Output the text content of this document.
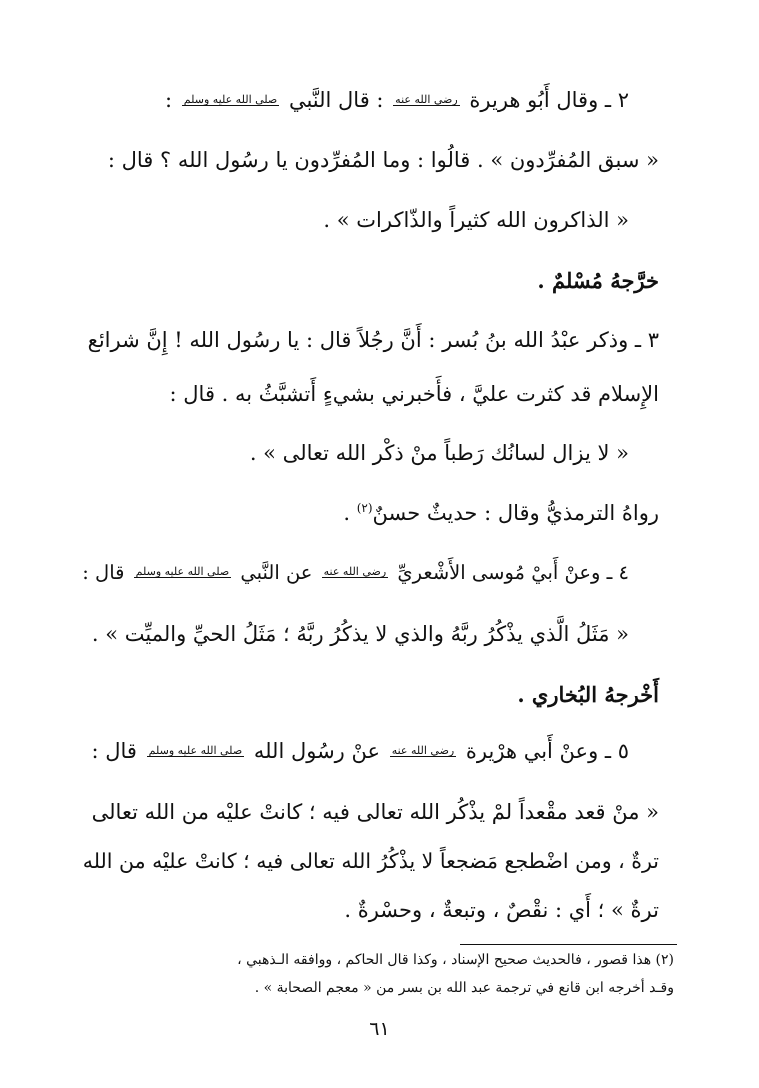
٢ ـ وقال أَبُو هريرة رضي الله عنه : قال النَّبي صلى الله عليه وسلم :
« سبق المُفرِّدون » . قالُوا : وما المُفرِّدون يا رسُول الله ؟ قال :
« الذاكرون الله كثيراً والذّاكرات » .
خرَّجهُ مُسْلمٌ .
٣ ـ وذكر عبْدُ الله بنُ بُسر : أَنَّ رجُلاً قال : يا رسُول الله ! إِنَّ شرائع
الإِسلام قد كثرت عليَّ ، فأَخبرني بشيءٍ أَتشبَّثُ به . قال :
« لا يزال لسانُك رَطباً منْ ذكْر الله تعالى » .
رواهُ الترمذيُّ وقال : حديثٌ حسنٌ$^{(٢)}$ .
٤ ـ وعنْ أَبيْ مُوسى الأَشْعريِّ رضي الله عنه عن النَّبي صلى الله عليه وسلم قال :
« مَثَلُ الَّذي يذْكُرُ ربَّهُ والذي لا يذكُرُ ربَّهُ ؛ مَثَلُ الحيِّ والميِّت » .
أَخْرجهُ البُخاري .
٥ ـ وعنْ أَبي هرْيرة رضي الله عنه عنْ رسُول الله صلى الله عليه وسلم قال :
« منْ قعد مقْعداً لمْ يذْكُر الله تعالى فيه ؛ كانتْ عليْه من الله تعالى
ترةٌ ، ومن اضْطجع مَضجعاً لا يذْكُرُ الله تعالى فيه ؛ كانتْ عليْه من الله
ترةٌ » ؛ أَي : نقْصٌ ، وتبعةٌ ، وحسْرةٌ .
(٢) هذا قصور ، فالحديث صحيح الإسناد ، وكذا قال الحاكم ، ووافقه الـذهبي ،
وقـد أخرجه ابن قانع في ترجمة عبد الله بن بسر من « معجم الصحابة » .
٦١
